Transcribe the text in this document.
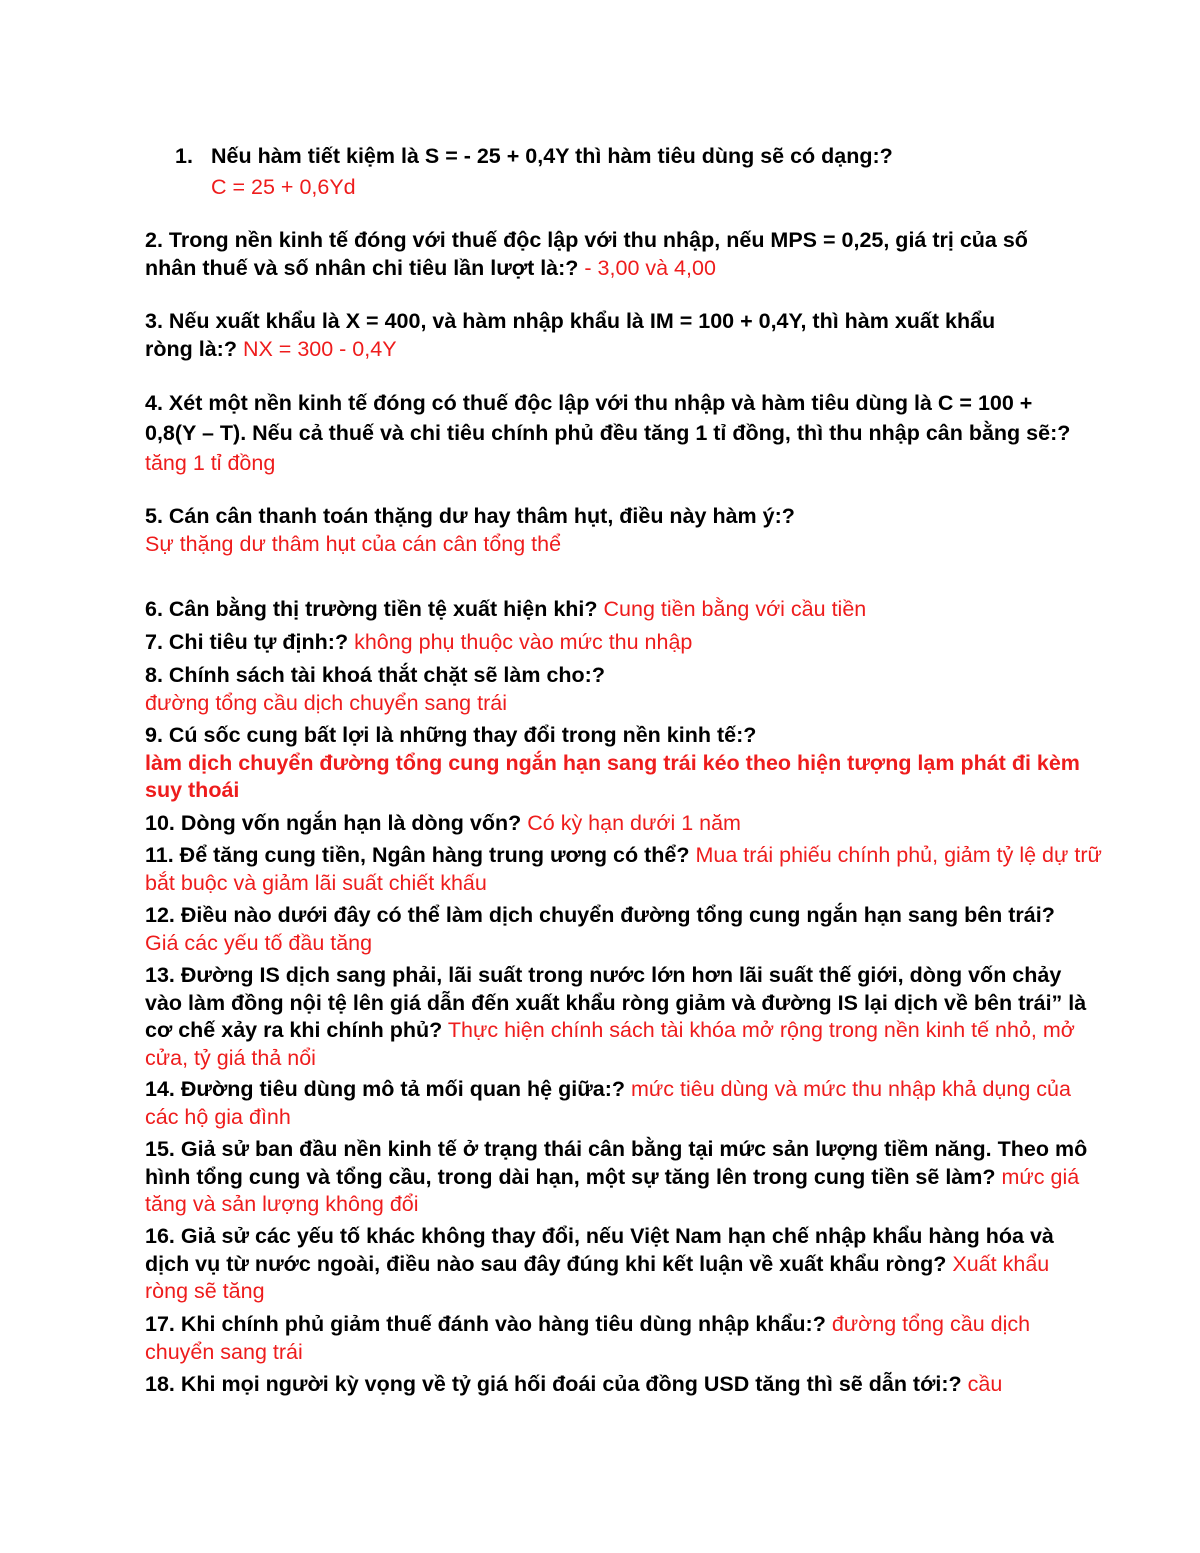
1. Nếu hàm tiết kiệm là S = - 25 + 0,4Y thì hàm tiêu dùng sẽ có dạng:?
C = 25 + 0,6Yd
2. Trong nền kinh tế đóng với thuế độc lập với thu nhập, nếu MPS = 0,25, giá trị của số nhân thuế và số nhân chi tiêu lần lượt là:? - 3,00 và 4,00
3. Nếu xuất khẩu là X = 400, và hàm nhập khẩu là IM = 100 + 0,4Y, thì hàm xuất khẩu ròng là:? NX = 300 - 0,4Y
4. Xét một nền kinh tế đóng có thuế độc lập với thu nhập và hàm tiêu dùng là C = 100 + 0,8(Y – T). Nếu cả thuế và chi tiêu chính phủ đều tăng 1 tỉ đồng, thì thu nhập cân bằng sẽ:? tăng 1 tỉ đồng
5. Cán cân thanh toán thặng dư hay thâm hụt, điều này hàm ý:?
Sự thặng dư thâm hụt của cán cân tổng thể
6. Cân bằng thị trường tiền tệ xuất hiện khi? Cung tiền bằng với cầu tiền
7. Chi tiêu tự định:? không phụ thuộc vào mức thu nhập
8. Chính sách tài khoá thắt chặt sẽ làm cho:?
đường tổng cầu dịch chuyển sang trái
9. Cú sốc cung bất lợi là những thay đổi trong nền kinh tế:?
làm dịch chuyển đường tổng cung ngắn hạn sang trái kéo theo hiện tượng lạm phát đi kèm suy thoái
10. Dòng vốn ngắn hạn là dòng vốn? Có kỳ hạn dưới 1 năm
11. Để tăng cung tiền, Ngân hàng trung ương có thể? Mua trái phiếu chính phủ, giảm tỷ lệ dự trữ bắt buộc và giảm lãi suất chiết khấu
12. Điều nào dưới đây có thể làm dịch chuyển đường tổng cung ngắn hạn sang bên trái? Giá các yếu tố đầu tăng
13. Đường IS dịch sang phải, lãi suất trong nước lớn hơn lãi suất thế giới, dòng vốn chảy vào làm đồng nội tệ lên giá dẫn đến xuất khẩu ròng giảm và đường IS lại dịch về bên trái” là cơ chế xảy ra khi chính phủ? Thực hiện chính sách tài khóa mở rộng trong nền kinh tế nhỏ, mở cửa, tỷ giá thả nổi
14. Đường tiêu dùng mô tả mối quan hệ giữa:? mức tiêu dùng và mức thu nhập khả dụng của các hộ gia đình
15. Giả sử ban đầu nền kinh tế ở trạng thái cân bằng tại mức sản lượng tiềm năng. Theo mô hình tổng cung và tổng cầu, trong dài hạn, một sự tăng lên trong cung tiền sẽ làm? mức giá tăng và sản lượng không đổi
16. Giả sử các yếu tố khác không thay đổi, nếu Việt Nam hạn chế nhập khẩu hàng hóa và dịch vụ từ nước ngoài, điều nào sau đây đúng khi kết luận về xuất khẩu ròng? Xuất khẩu ròng sẽ tăng
17. Khi chính phủ giảm thuế đánh vào hàng tiêu dùng nhập khẩu:? đường tổng cầu dịch chuyển sang trái
18. Khi mọi người kỳ vọng về tỷ giá hối đoái của đồng USD tăng thì sẽ dẫn tới:? cầu
